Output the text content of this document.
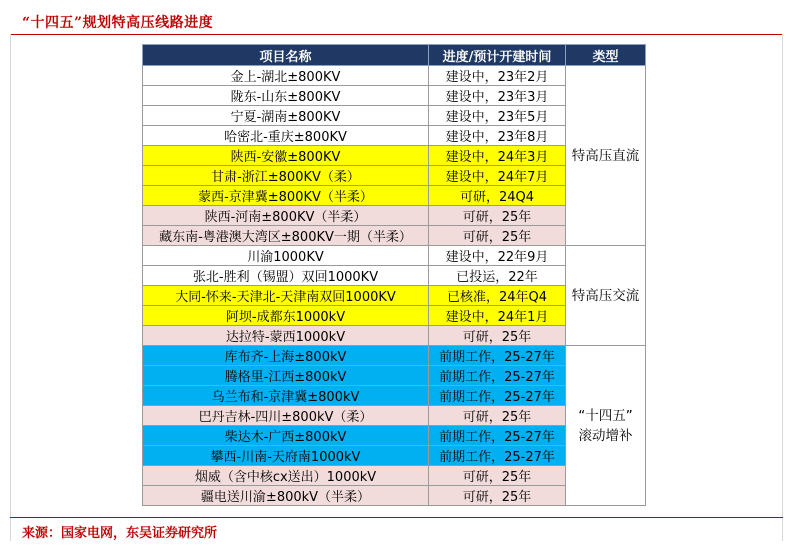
“十四五”规划特高压线路进度
项目名称	进度/预计开建时间	类型
金上-湖北±800KV	建设中，23年2月	特高压直流
陇东-山东±800KV	建设中，23年3月	
宁夏-湖南±800KV	建设中，23年5月	
哈密北-重庆±800KV	建设中，23年8月	
陕西-安徽±800KV	建设中，24年3月	
甘肃-浙江±800KV（柔）	建设中，24年7月	
蒙西-京津冀±800KV（半柔）	可研，24Q4	
陕西-河南±800KV（半柔）	可研，25年	
藏东南-粤港澳大湾区±800KV一期（半柔）	可研，25年	
川渝1000KV	建设中，22年9月	特高压交流
张北-胜利（锡盟）双回1000KV	已投运，22年	
大同-怀来-天津北-天津南双回1000KV	已核准，24年Q4	
阿坝-成都东1000kV	建设中，24年1月	
达拉特-蒙西1000kV	可研，25年	
库布齐-上海±800kV	前期工作，25-27年	“十四五”
滚动增补

腾格里-江西±800kV	前期工作，25-27年	
乌兰布和-京津冀±800kV	前期工作，25-27年	
巴丹吉林-四川±800kV（柔）	可研，25年	
柴达木-广西±800kV	前期工作，25-27年	
攀西-川南-天府南1000kV	前期工作，25-27年	
烟威（含中核cx送出）1000kV	可研，25年	
疆电送川渝±800kV（半柔）	可研，25年	
来源：国家电网，东吴证券研究所
